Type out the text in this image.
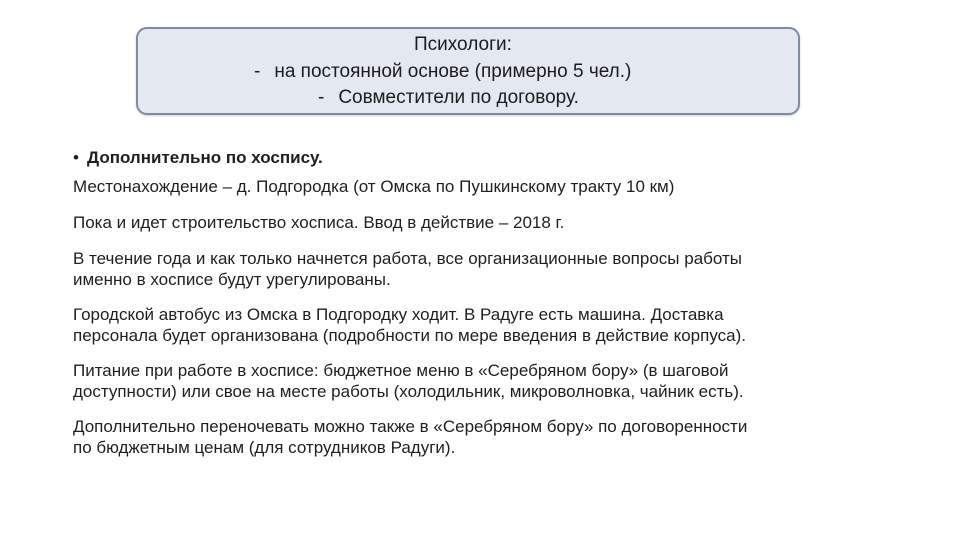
Психологи:
- на постоянной основе (примерно 5 чел.)
- Совместители по договору.
• Дополнительно по хоспису.

Местонахождение – д. Подгородка (от Омска по Пушкинскому тракту 10 км)

Пока и идет строительство хосписа. Ввод в действие – 2018 г.

В течение года и как только начнется работа, все организационные вопросы работы
именно в хосписе будут урегулированы.

Городской автобус из Омска в Подгородку ходит. В Радуге есть машина. Доставка
персонала будет организована (подробности по мере введения в действие корпуса).

Питание при работе в хосписе: бюджетное меню в «Серебряном бору» (в шаговой
доступности) или свое на месте работы (холодильник, микроволновка, чайник есть).

Дополнительно переночевать можно также в «Серебряном бору» по договоренности
по бюджетным ценам (для сотрудников Радуги).
